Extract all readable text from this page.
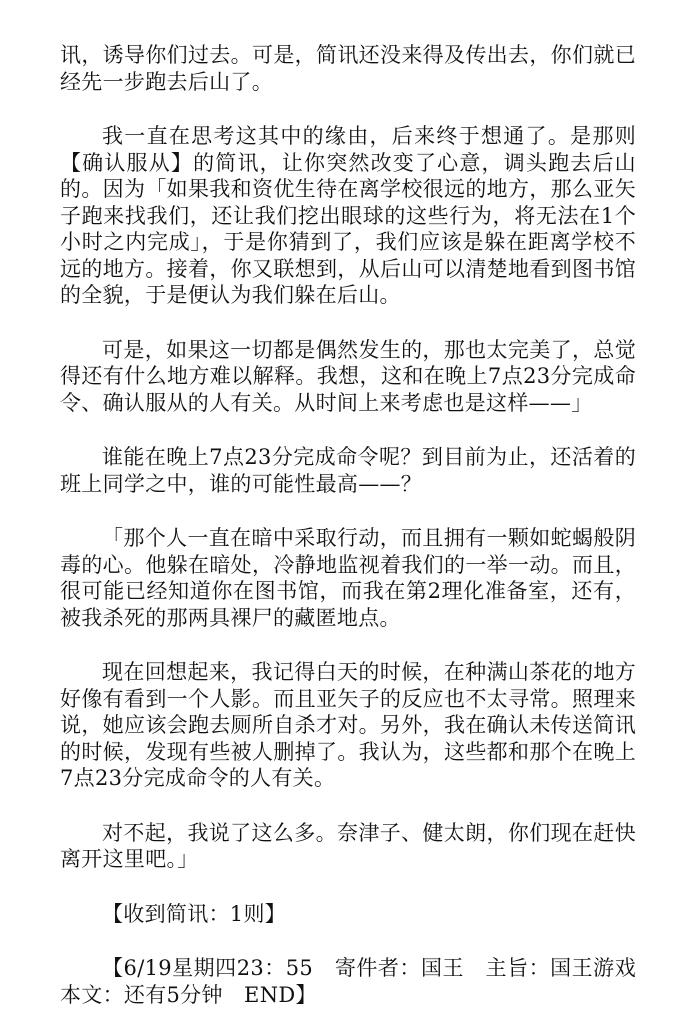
讯，诱导你们过去。可是，简讯还没来得及传出去，你们就已经先一步跑去后山了。

我一直在思考这其中的缘由，后来终于想通了。是那则【确认服从】的简讯，让你突然改变了心意，调头跑去后山的。因为「如果我和资优生待在离学校很远的地方，那么亚矢子跑来找我们，还让我们挖出眼球的这些行为，将无法在1个小时之内完成」，于是你猜到了，我们应该是躲在距离学校不远的地方。接着，你又联想到，从后山可以清楚地看到图书馆的全貌，于是便认为我们躲在后山。

可是，如果这一切都是偶然发生的，那也太完美了，总觉得还有什么地方难以解释。我想，这和在晚上7点23分完成命令、确认服从的人有关。从时间上来考虑也是这样——」

谁能在晚上7点23分完成命令呢？到目前为止，还活着的班上同学之中，谁的可能性最高——？

「那个人一直在暗中采取行动，而且拥有一颗如蛇蝎般阴毒的心。他躲在暗处，冷静地监视着我们的一举一动。而且，很可能已经知道你在图书馆，而我在第2理化准备室，还有，被我杀死的那两具裸尸的藏匿地点。

现在回想起来，我记得白天的时候，在种满山茶花的地方好像有看到一个人影。而且亚矢子的反应也不太寻常。照理来说，她应该会跑去厕所自杀才对。另外，我在确认未传送简讯的时候，发现有些被人删掉了。我认为，这些都和那个在晚上7点23分完成命令的人有关。

对不起，我说了这么多。奈津子、健太朗，你们现在赶快离开这里吧。」

【收到简讯：1则】

【6/19星期四23：55　寄件者：国王　主旨：国王游戏　本文：还有5分钟　END】
